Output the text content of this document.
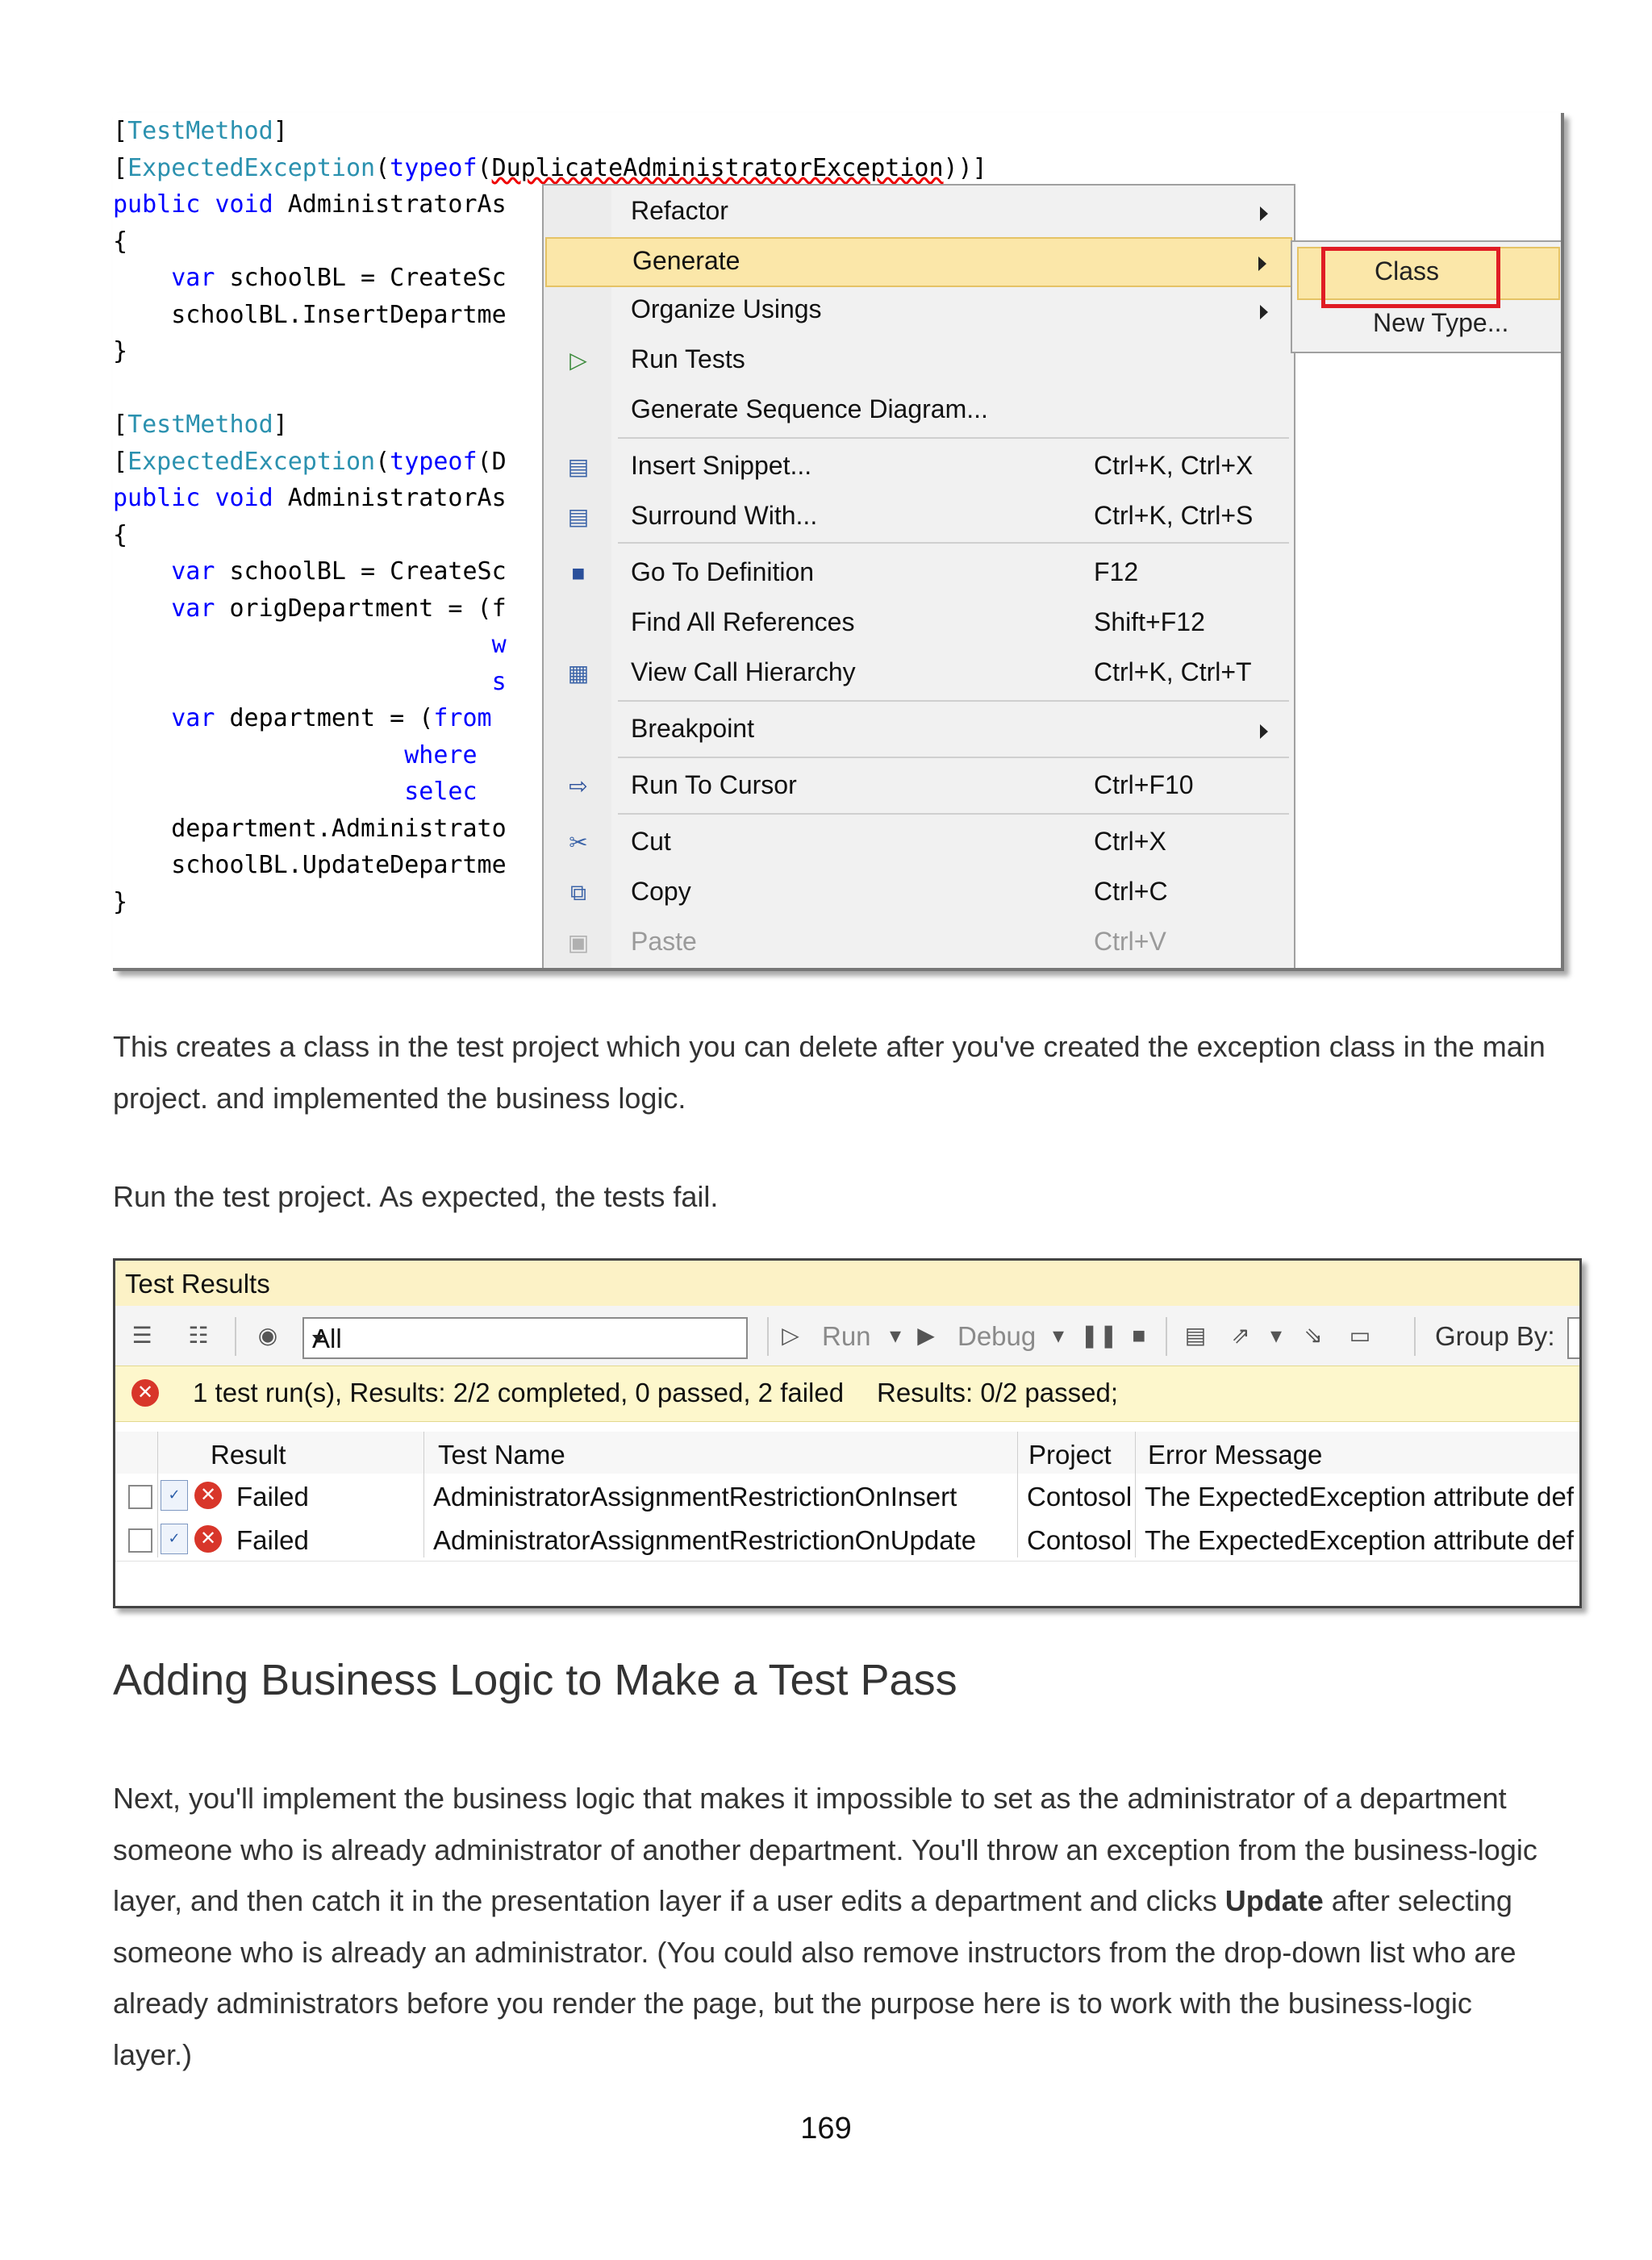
[TestMethod]
[ExpectedException(typeof(DuplicateAdministratorException))]
public void AdministratorAs
{
var schoolBL = CreateSc
schoolBL.InsertDepartme
}
[TestMethod]
[ExpectedException(typeof(D
public void AdministratorAs
{
var schoolBL = CreateSc
var origDepartment = (f
w
s
var department = (from
where
selec
department.Administrato
schoolBL.UpdateDepartme
}
Refactor
Generate
Organize Usings
▷ Run Tests
Generate Sequence Diagram...
▤ Insert Snippet...	Ctrl+K, Ctrl+X
▤ Surround With...	Ctrl+K, Ctrl+S
■	Go To Definition	F12
Find All References	Shift+F12
▦ View Call Hierarchy	Ctrl+K, Ctrl+T
Breakpoint
⇨ Run To Cursor	Ctrl+F10
✂ Cut	Ctrl+X
⧉ Copy	Ctrl+C
▣ Paste	Ctrl+V
Class
New Type...

This creates a class in the test project which you can delete after you've created the exception class in the main project. and implemented the business logic.

Run the test project. As expected, the tests fail.

Test Results
☰ ☷ ◉ All	▷ Run ▾ ▶ Debug ▾ ❚❚ ■	▤ ⇗ ▾ ⇘ ▭ Group By:
✕ 1 test run(s), Results: 2/2 completed, 0 passed, 2 failed Results: 0/2 passed;
Result	Test Name	Project Error Message
✓	✕ Failed	AdministratorAssignmentRestrictionOnInsert	Contosol The ExpectedException attribute def
✓	✕ Failed	AdministratorAssignmentRestrictionOnUpdate Contosol The ExpectedException attribute def
Adding Business Logic to Make a Test Pass

Next, you'll implement the business logic that makes it impossible to set as the administrator of a department someone who is already administrator of another department. You'll throw an exception from the business-logic layer, and then catch it in the presentation layer if a user edits a department and clicks Update after selecting someone who is already an administrator. (You could also remove instructors from the drop-down list who are already administrators before you render the page, but the purpose here is to work with the business-logic layer.)

169
